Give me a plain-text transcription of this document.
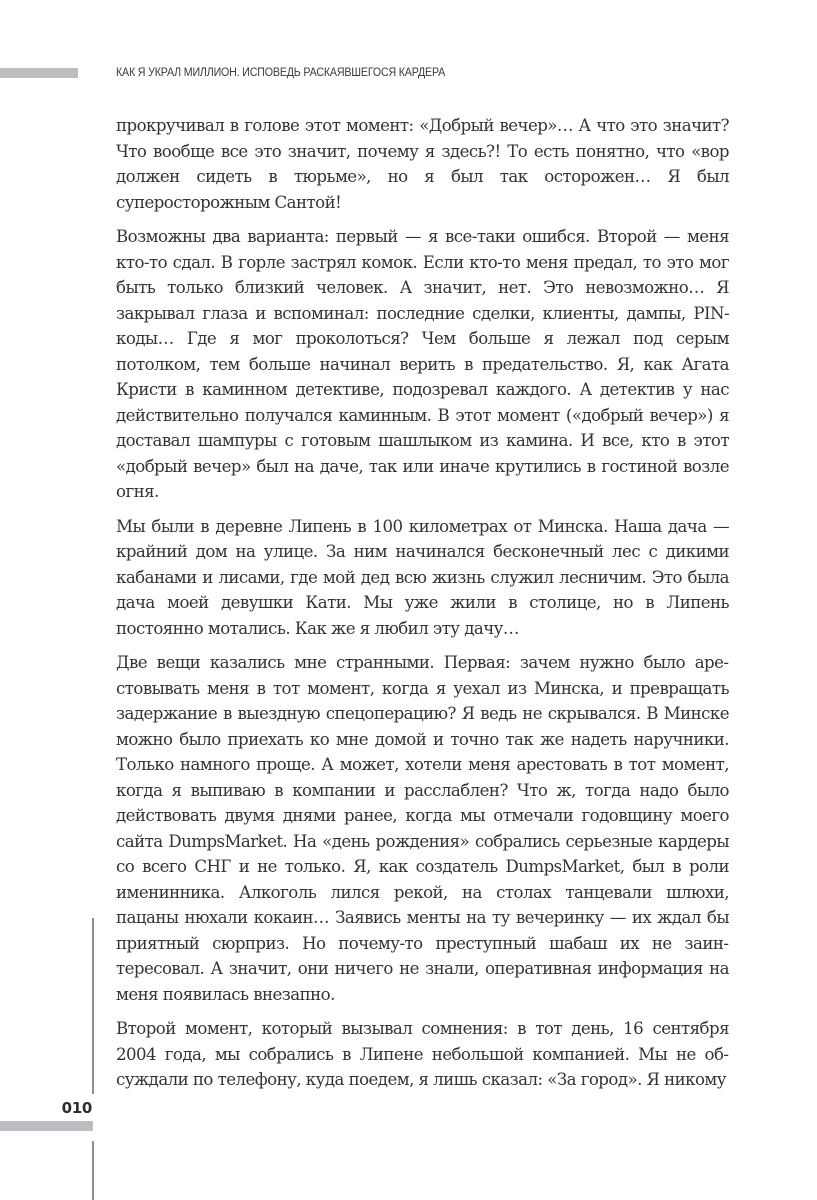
КАК Я УКРАЛ МИЛЛИОН. ИСПОВЕДЬ РАСКАЯВШЕГОСЯ КАРДЕРА

прокручивал в голове этот момент: «Добрый вечер»… А что это значит? Что вообще все это значит, почему я здесь?! То есть понятно, что «вор должен сидеть в тюрьме», но я был так осторожен… Я был суперосторожным Сантой!

Возможны два варианта: первый — я все-таки ошибся. Второй — меня кто-то сдал. В горле застрял комок. Если кто-то меня предал, то это мог быть только близкий человек. А значит, нет. Это невозможно… Я закрывал глаза и вспоминал: последние сделки, клиенты, дампы, PIN-коды… Где я мог проколоться? Чем больше я лежал под серым потолком, тем больше начинал верить в предательство. Я, как Агата Кристи в каминном детективе, подозревал каждого. А детектив у нас действительно получался каминным. В этот момент («добрый вечер») я доставал шампуры с готовым шашлыком из камина. И все, кто в этот «добрый вечер» был на даче, так или иначе крутились в гостиной возле огня.

Мы были в деревне Липень в 100 километрах от Минска. Наша дача — крайний дом на улице. За ним начинался бесконечный лес с дикими кабанами и лисами, где мой дед всю жизнь служил лесничим. Это была дача моей девушки Кати. Мы уже жили в столице, но в Липень постоянно мотались. Как же я любил эту дачу…

Две вещи казались мне странными. Первая: зачем нужно было арестовывать меня в тот момент, когда я уехал из Минска, и превращать задержание в выездную спецоперацию? Я ведь не скрывался. В Минске можно было приехать ко мне домой и точно так же надеть наручники. Только намного проще. А может, хотели меня арестовать в тот момент, когда я выпиваю в компании и расслаблен? Что ж, тогда надо было действовать двумя днями ранее, когда мы отмечали годовщину моего сайта DumpsMarket. На «день рождения» собрались серьезные кардеры со всего СНГ и не только. Я, как создатель DumpsMarket, был в роли именинника. Алкоголь лился рекой, на столах танцевали шлюхи, пацаны нюхали кокаин… Заявись менты на ту вечеринку — их ждал бы приятный сюрприз. Но почему-то преступный шабаш их не заинтересовал. А значит, они ничего не знали, оперативная информация на меня появилась внезапно.

Второй момент, который вызывал сомнения: в тот день, 16 сентября 2004 года, мы собрались в Липене небольшой компанией. Мы не обсуждали по телефону, куда поедем, я лишь сказал: «За город». Я никому

010
